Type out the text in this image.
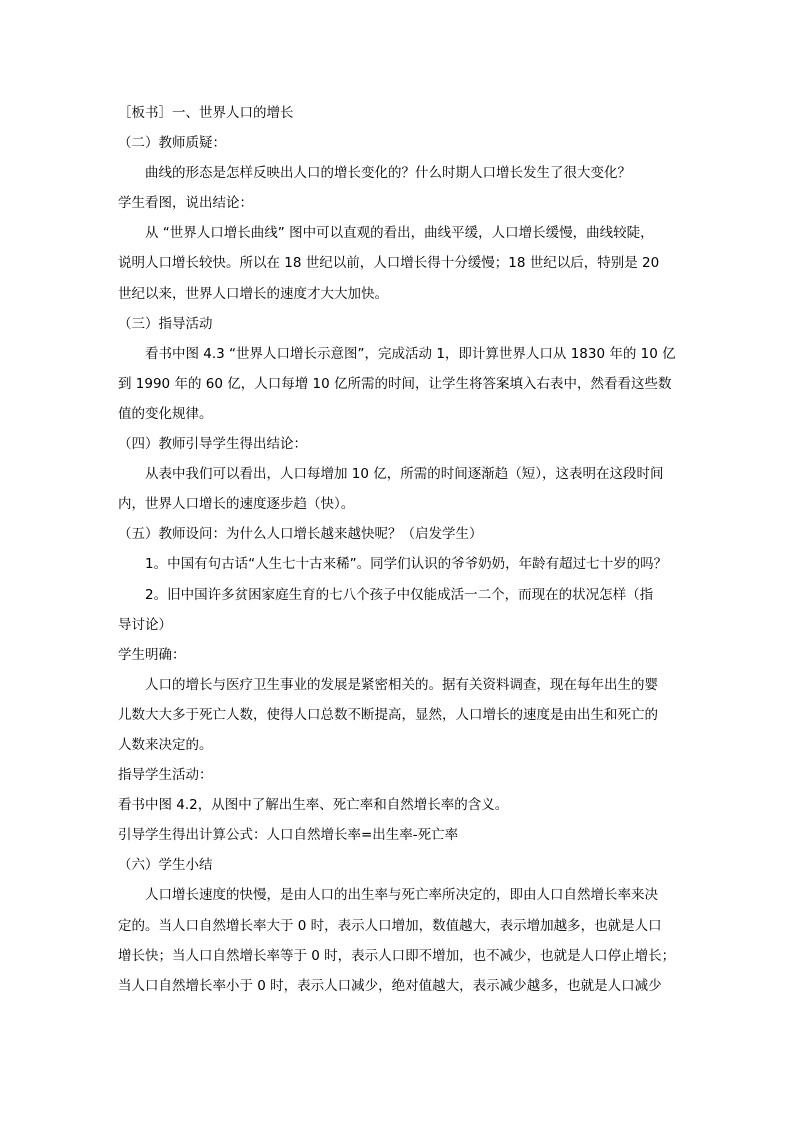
［板书］一、世界人口的增长
（二）教师质疑：
曲线的形态是怎样反映出人口的增长变化的？什么时期人口增长发生了很大变化？
学生看图，说出结论：
从 “世界人口增长曲线” 图中可以直观的看出，曲线平缓，人口增长缓慢，曲线较陡，
说明人口增长较快。所以在 18 世纪以前，人口增长得十分缓慢；18 世纪以后，特别是 20
世纪以来，世界人口增长的速度才大大加快。
（三）指导活动
看书中图 4.3 “世界人口增长示意图”，完成活动 1，即计算世界人口从 1830 年的 10 亿
到 1990 年的 60 亿，人口每增 10 亿所需的时间，让学生将答案填入右表中，然看看这些数
值的变化规律。
（四）教师引导学生得出结论：
从表中我们可以看出，人口每增加 10 亿，所需的时间逐渐趋（短），这表明在这段时间
内，世界人口增长的速度逐步趋（快）。
（五）教师设问：为什么人口增长越来越快呢？（启发学生）
1。中国有句古话“人生七十古来稀”。同学们认识的爷爷奶奶，年龄有超过七十岁的吗？
2。旧中国许多贫困家庭生育的七八个孩子中仅能成活一二个，而现在的状况怎样（指
导讨论）
学生明确：
人口的增长与医疗卫生事业的发展是紧密相关的。据有关资料调查，现在每年出生的婴
儿数大大多于死亡人数，使得人口总数不断提高，显然，人口增长的速度是由出生和死亡的
人数来决定的。
指导学生活动：
看书中图 4.2，从图中了解出生率、死亡率和自然增长率的含义。
引导学生得出计算公式：人口自然增长率=出生率-死亡率
（六）学生小结
人口增长速度的快慢，是由人口的出生率与死亡率所决定的，即由人口自然增长率来决
定的。当人口自然增长率大于 0 时，表示人口增加，数值越大，表示增加越多，也就是人口
增长快；当人口自然增长率等于 0 时，表示人口即不增加，也不减少，也就是人口停止增长；
当人口自然增长率小于 0 时，表示人口减少，绝对值越大，表示减少越多，也就是人口减少
